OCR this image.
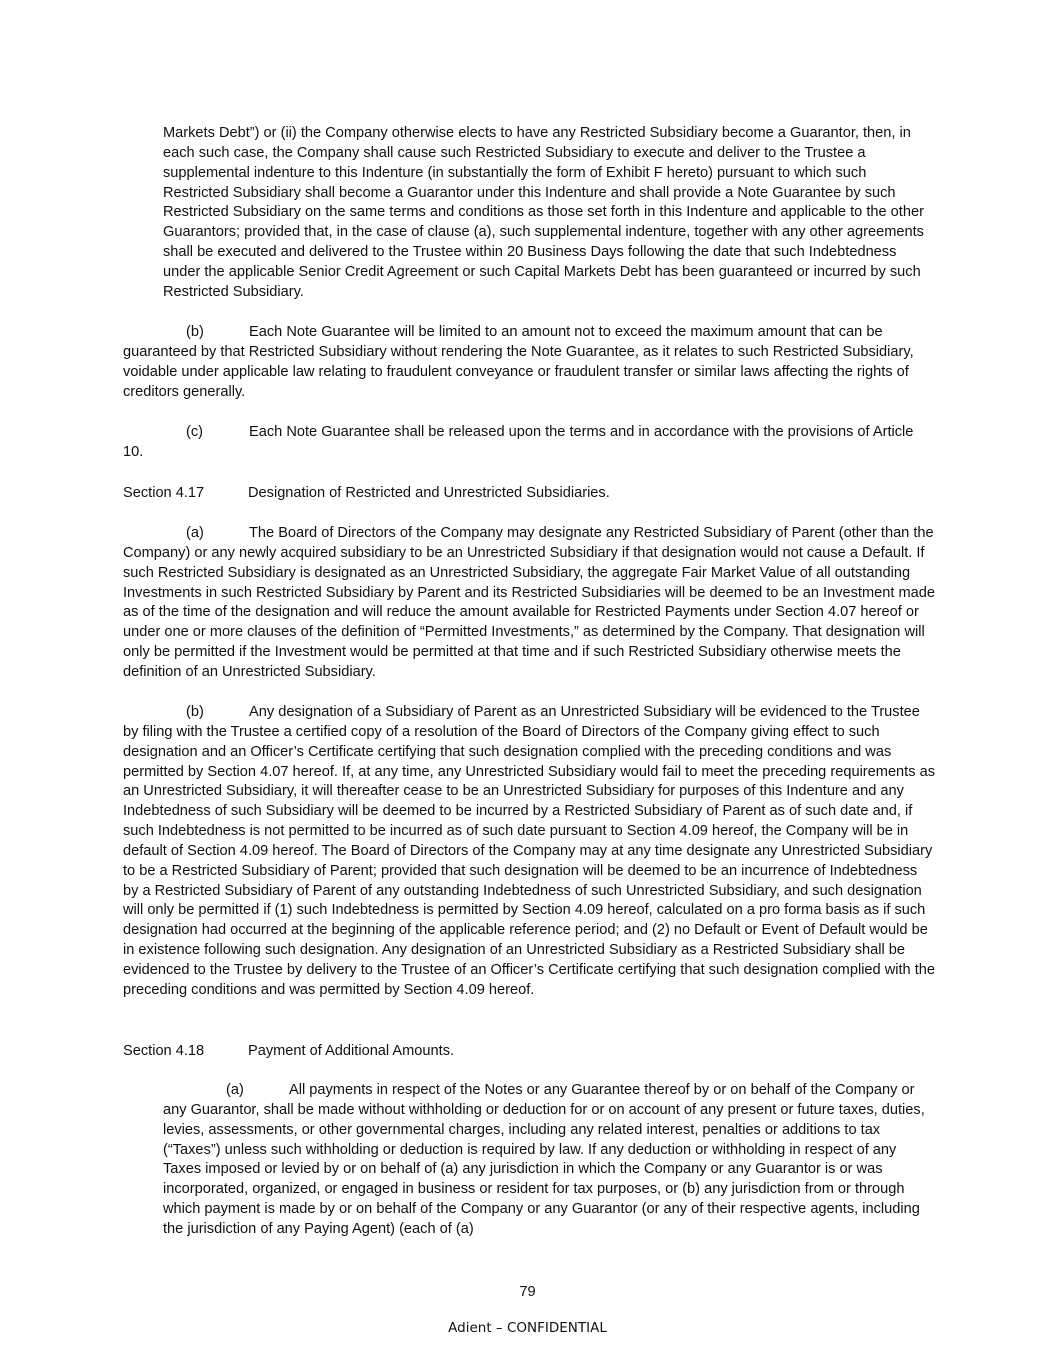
Markets Debt”) or (ii) the Company otherwise elects to have any Restricted Subsidiary become a Guarantor, then, in each such case, the Company shall cause such Restricted Subsidiary to execute and deliver to the Trustee a supplemental indenture to this Indenture (in substantially the form of Exhibit F hereto) pursuant to which such Restricted Subsidiary shall become a Guarantor under this Indenture and shall provide a Note Guarantee by such Restricted Subsidiary on the same terms and conditions as those set forth in this Indenture and applicable to the other Guarantors; provided that, in the case of clause (a), such supplemental indenture, together with any other agreements shall be executed and delivered to the Trustee within 20 Business Days following the date that such Indebtedness under the applicable Senior Credit Agreement or such Capital Markets Debt has been guaranteed or incurred by such Restricted Subsidiary.

(b)	Each Note Guarantee will be limited to an amount not to exceed the maximum amount that can be guaranteed by that Restricted Subsidiary without rendering the Note Guarantee, as it relates to such Restricted Subsidiary, voidable under applicable law relating to fraudulent conveyance or fraudulent transfer or similar laws affecting the rights of creditors generally.

(c)	Each Note Guarantee shall be released upon the terms and in accordance with the provisions of Article 10.

Section 4.17	Designation of Restricted and Unrestricted Subsidiaries.

(a)	The Board of Directors of the Company may designate any Restricted Subsidiary of Parent (other than the Company) or any newly acquired subsidiary to be an Unrestricted Subsidiary if that designation would not cause a Default. If such Restricted Subsidiary is designated as an Unrestricted Subsidiary, the aggregate Fair Market Value of all outstanding Investments in such Restricted Subsidiary by Parent and its Restricted Subsidiaries will be deemed to be an Investment made as of the time of the designation and will reduce the amount available for Restricted Payments under Section 4.07 hereof or under one or more clauses of the definition of “Permitted Investments,” as determined by the Company. That designation will only be permitted if the Investment would be permitted at that time and if such Restricted Subsidiary otherwise meets the definition of an Unrestricted Subsidiary.

(b)	Any designation of a Subsidiary of Parent as an Unrestricted Subsidiary will be evidenced to the Trustee by filing with the Trustee a certified copy of a resolution of the Board of Directors of the Company giving effect to such designation and an Officer’s Certificate certifying that such designation complied with the preceding conditions and was permitted by Section 4.07 hereof. If, at any time, any Unrestricted Subsidiary would fail to meet the preceding requirements as an Unrestricted Subsidiary, it will thereafter cease to be an Unrestricted Subsidiary for purposes of this Indenture and any Indebtedness of such Subsidiary will be deemed to be incurred by a Restricted Subsidiary of Parent as of such date and, if such Indebtedness is not permitted to be incurred as of such date pursuant to Section 4.09 hereof, the Company will be in default of Section 4.09 hereof. The Board of Directors of the Company may at any time designate any Unrestricted Subsidiary to be a Restricted Subsidiary of Parent; provided that such designation will be deemed to be an incurrence of Indebtedness by a Restricted Subsidiary of Parent of any outstanding Indebtedness of such Unrestricted Subsidiary, and such designation will only be permitted if (1) such Indebtedness is permitted by Section 4.09 hereof, calculated on a pro forma basis as if such designation had occurred at the beginning of the applicable reference period; and (2) no Default or Event of Default would be in existence following such designation. Any designation of an Unrestricted Subsidiary as a Restricted Subsidiary shall be evidenced to the Trustee by delivery to the Trustee of an Officer’s Certificate certifying that such designation complied with the preceding conditions and was permitted by Section 4.09 hereof.

Section 4.18	Payment of Additional Amounts.

(a)	All payments in respect of the Notes or any Guarantee thereof by or on behalf of the Company or any Guarantor, shall be made without withholding or deduction for or on account of any present or future taxes, duties, levies, assessments, or other governmental charges, including any related interest, penalties or additions to tax (“Taxes”) unless such withholding or deduction is required by law. If any deduction or withholding in respect of any Taxes imposed or levied by or on behalf of (a) any jurisdiction in which the Company or any Guarantor is or was incorporated, organized, or engaged in business or resident for tax purposes, or (b) any jurisdiction from or through which payment is made by or on behalf of the Company or any Guarantor (or any of their respective agents, including the jurisdiction of any Paying Agent) (each of (a)

79
Adient – CONFIDENTIAL
